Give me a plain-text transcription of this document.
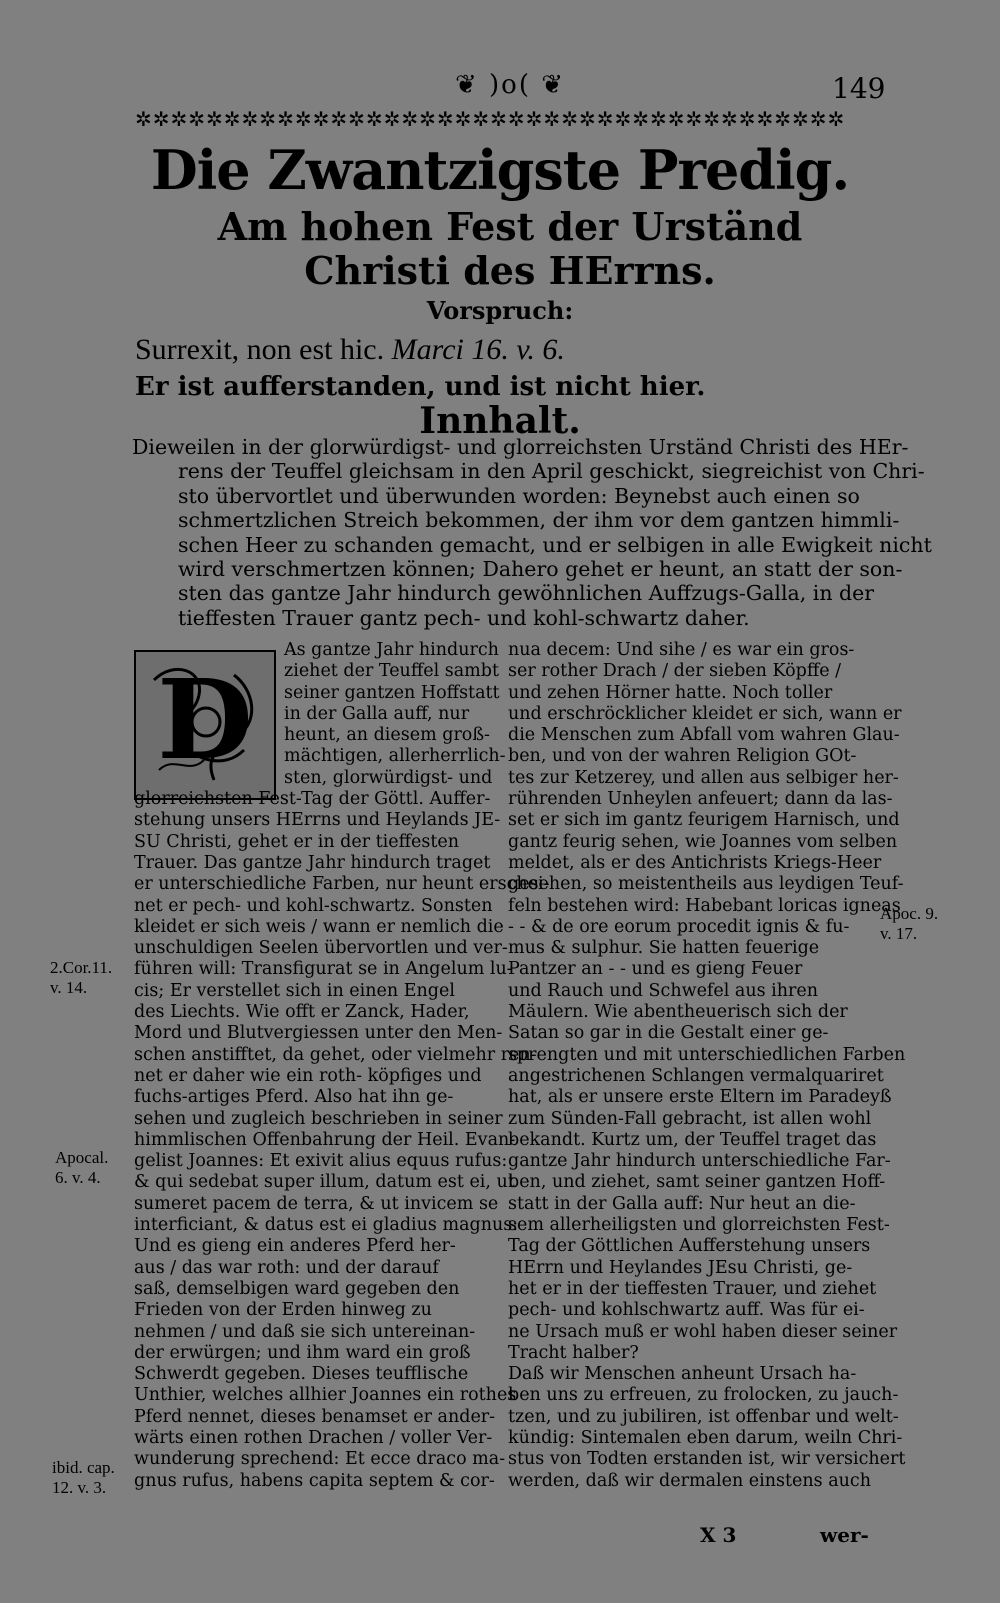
❦ )o( ❦	149
✲✲✲✲✲✲✲✲✲✲✲✲✲✲✲✲✲✲✲✲✲✲✲✲✲✲✲✲✲✲✲✲✲✲✲✲✲✲✲✲
Die Zwantzigste Predig.
Am hohen Fest der Urständ Christi des HErrns.
Vorspruch:
Surrexit, non est hic. Marci 16. v. 6.
Er ist aufferstanden, und ist nicht hier.
Innhalt.
Dieweilen in der glorwürdigst- und glorreichsten Urständ Christi des HEr-
rens der Teuffel gleichsam in den April geschickt, siegreichist von Chri-
sto übervortlet und überwunden worden: Beynebst auch einen so
schmertzlichen Streich bekommen, der ihm vor dem gantzen himmli-
schen Heer zu schanden gemacht, und er selbigen in alle Ewigkeit nicht
wird verschmertzen können; Dahero gehet er heunt, an statt der son-
sten das gantze Jahr hindurch gewöhnlichen Auffzugs-Galla, in der
tieffesten Trauer gantz pech- und kohl-schwartz daher.
D
As gantze Jahr hindurch
ziehet der Teuffel sambt
seiner gantzen Hoffstatt
in der Galla auff, nur
heunt, an diesem groß-
mächtigen, allerherrlich-
sten, glorwürdigst- und
glorreichsten Fest-Tag der Göttl. Auffer-
stehung unsers HErrns und Heylands JE-
SU Christi, gehet er in der tieffesten
Trauer. Das gantze Jahr hindurch traget
er unterschiedliche Farben, nur heunt erschei-
net er pech- und kohl-schwartz. Sonsten
kleidet er sich weis / wann er nemlich die
unschuldigen Seelen übervortlen und ver-
führen will: Transfigurat se in Angelum lu-
cis; Er verstellet sich in einen Engel
des Liechts. Wie offt er Zanck, Hader,
Mord und Blutvergiessen unter den Men-
schen anstifftet, da gehet, oder vielmehr ren-
net er daher wie ein roth- köpfiges und
fuchs-artiges Pferd. Also hat ihn ge-
sehen und zugleich beschrieben in seiner
himmlischen Offenbahrung der Heil. Evan-
gelist Joannes: Et exivit alius equus rufus:
& qui sedebat super illum, datum est ei, ut
sumeret pacem de terra, & ut invicem se
interficiant, & datus est ei gladius magnus:
Und es gieng ein anderes Pferd her-
aus / das war roth: und der darauf
saß, demselbigen ward gegeben den
Frieden von der Erden hinweg zu
nehmen / und daß sie sich untereinan-
der erwürgen; und ihm ward ein groß
Schwerdt gegeben. Dieses teufflische
Unthier, welches allhier Joannes ein rothes
Pferd nennet, dieses benamset er ander-
wärts einen rothen Drachen / voller Ver-
wunderung sprechend: Et ecce draco ma-
gnus rufus, habens capita septem & cor-
nua decem: Und sihe / es war ein gros-
ser rother Drach / der sieben Köpffe /
und zehen Hörner hatte. Noch toller
und erschröcklicher kleidet er sich, wann er
die Menschen zum Abfall vom wahren Glau-
ben, und von der wahren Religion GOt-
tes zur Ketzerey, und allen aus selbiger her-
rührenden Unheylen anfeuert; dann da las-
set er sich im gantz feurigem Harnisch, und
gantz feurig sehen, wie Joannes vom selben
meldet, als er des Antichrists Kriegs-Heer
gesehen, so meistentheils aus leydigen Teuf-
feln bestehen wird: Habebant loricas igneas
- - & de ore eorum procedit ignis & fu-
mus & sulphur. Sie hatten feuerige
Pantzer an - - und es gieng Feuer
und Rauch und Schwefel aus ihren
Mäulern. Wie abentheuerisch sich der
Satan so gar in die Gestalt einer ge-
sprengten und mit unterschiedlichen Farben
angestrichenen Schlangen vermalquariret
hat, als er unsere erste Eltern im Paradeyß
zum Sünden-Fall gebracht, ist allen wohl
bekandt. Kurtz um, der Teuffel traget das
gantze Jahr hindurch unterschiedliche Far-
ben, und ziehet, samt seiner gantzen Hoff-
statt in der Galla auff: Nur heut an die-
sem allerheiligsten und glorreichsten Fest-
Tag der Göttlichen Aufferstehung unsers
HErrn und Heylandes JEsu Christi, ge-
het er in der tieffesten Trauer, und ziehet
pech- und kohlschwartz auff. Was für ei-
ne Ursach muß er wohl haben dieser seiner
Tracht halber?
Daß wir Menschen anheunt Ursach ha-
ben uns zu erfreuen, zu frolocken, zu jauch-
tzen, und zu jubiliren, ist offenbar und welt-
kündig: Sintemalen eben darum, weiln Chri-
stus von Todten erstanden ist, wir versichert
werden, daß wir dermalen einstens auch
2.Cor.11.
v. 14.
Apocal.
6. v. 4.
ibid. cap.
12. v. 3.
Apoc. 9.
v. 17.
X 3	wer-
